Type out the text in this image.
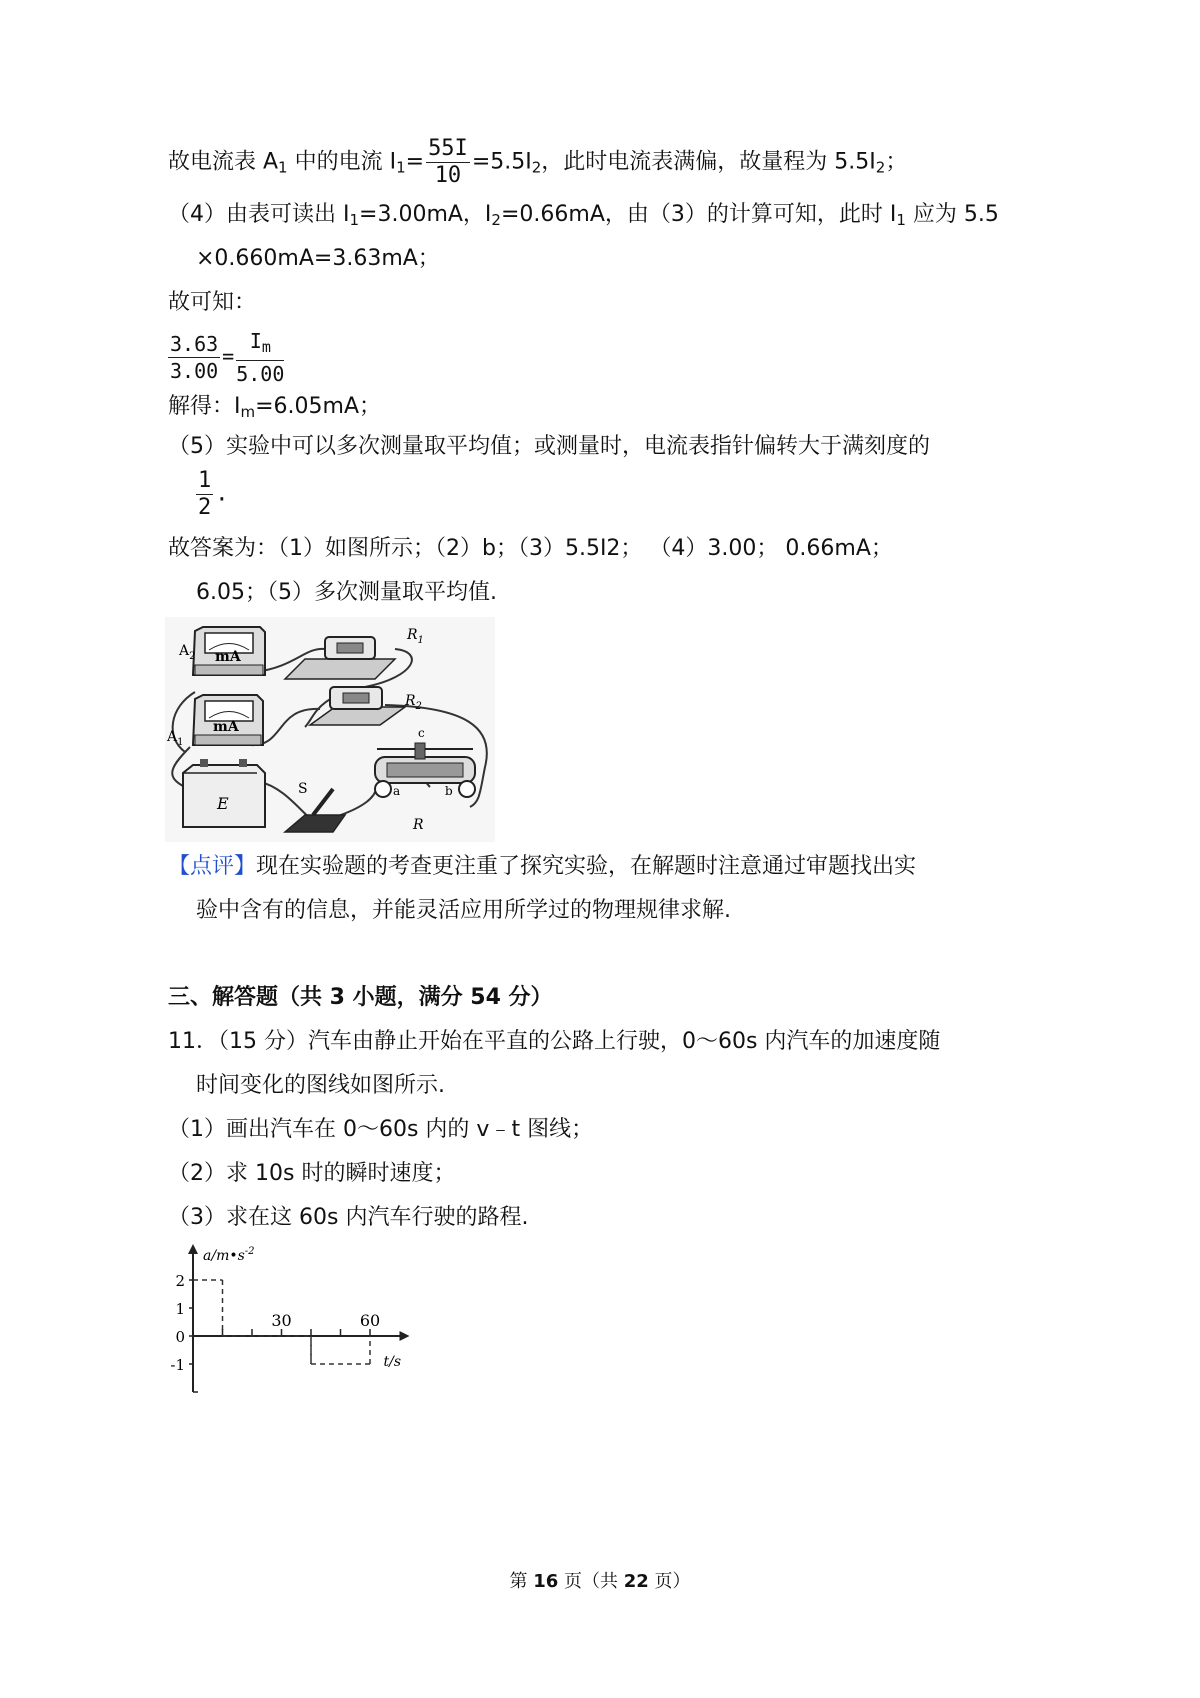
故电流表 $A_1$ 中的电流 $I_1= \frac{55I}{10} =5.5I_2$，此时电流表满偏，故量程为 $5.5I_2$；
（4）由表可读出 $I_1=3.00mA$，$I_2=0.66mA$，由（3）的计算可知，此时 $I_1$ 应为 5.5
×0.660mA=3.63mA；
故可知：
$\frac{3.63}{3.00} = \frac{I_m}{5.00}$
解得：$I_m=6.05mA$；
（5）实验中可以多次测量取平均值；或测量时，电流表指针偏转大于满刻度的
$\frac{1}{2}$ .
故答案为：（1）如图所示；（2）b；（3）5.5I2； （4）3.00； 0.66mA；
6.05；（5）多次测量取平均值.
mA
$A_2$
mA
$A_1$
$R_1$
$R_2$
E
S
c
a	b
R
【点评】现在实验题的考查更注重了探究实验，在解题时注意通过审题找出实
验中含有的信息，并能灵活应用所学过的物理规律求解.
三、解答题（共 3 小题，满分 54 分）
11．（15 分）汽车由静止开始在平直的公路上行驶，0～60s 内汽车的加速度随
时间变化的图线如图所示.
（1）画出汽车在 0～60s 内的 v﹣t 图线；
（2）求 10s 时的瞬时速度；
（3）求在这 60s 内汽车行驶的路程.
2
1
0
-1
30	60
$a/m•s^{-2}$
t/s
第 16 页（共 22 页）
